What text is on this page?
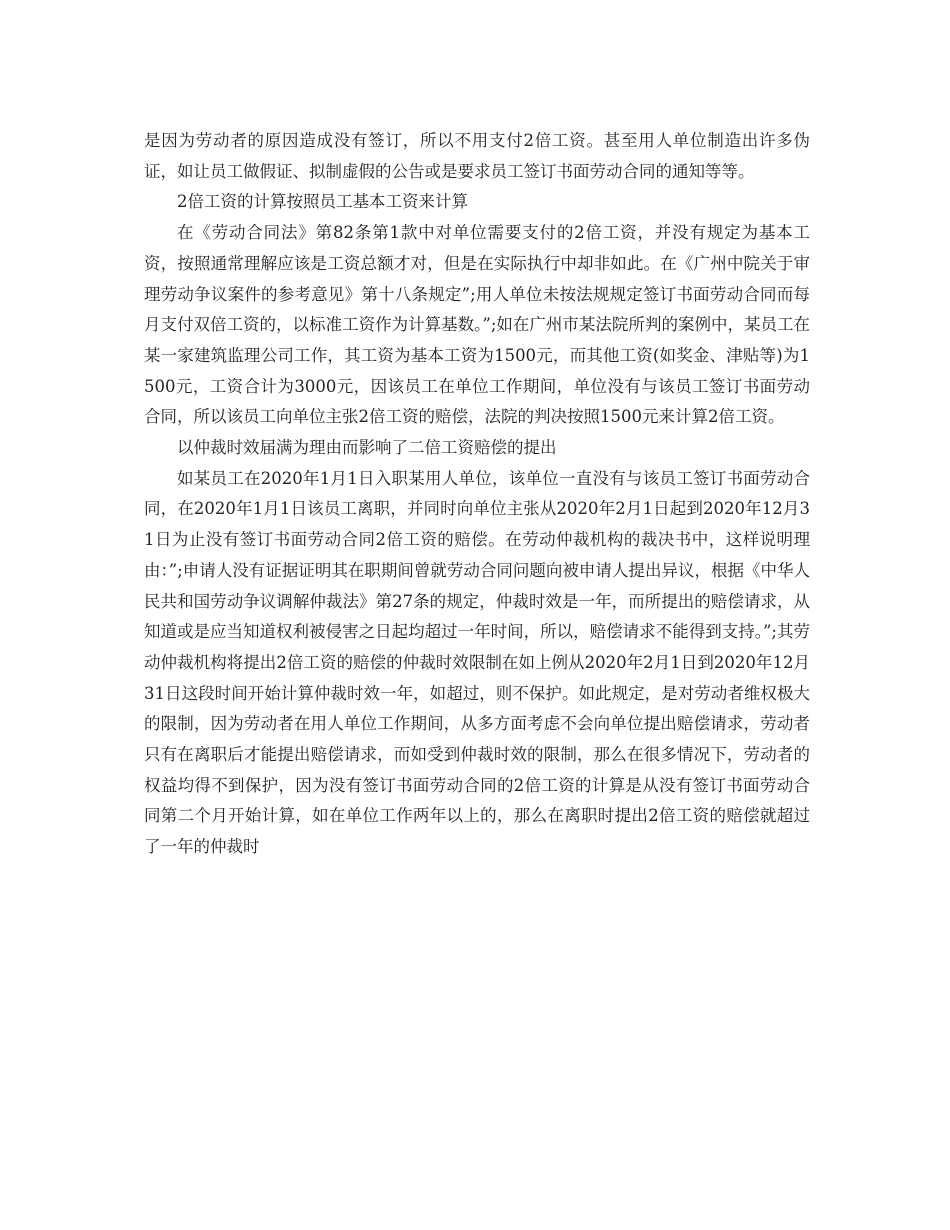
是因为劳动者的原因造成没有签订，所以不用支付2倍工资。甚至用人单位制造出许多伪证，如让员工做假证、拟制虚假的公告或是要求员工签订书面劳动合同的通知等等。

2倍工资的计算按照员工基本工资来计算

在《劳动合同法》第82条第1款中对单位需要支付的2倍工资，并没有规定为基本工资，按照通常理解应该是工资总额才对，但是在实际执行中却非如此。在《广州中院关于审理劳动争议案件的参考意见》第十八条规定”;用人单位未按法规规定签订书面劳动合同而每月支付双倍工资的，以标准工资作为计算基数。”;如在广州市某法院所判的案例中，某员工在某一家建筑监理公司工作，其工资为基本工资为1500元，而其他工资(如奖金、津贴等)为1500元，工资合计为3000元，因该员工在单位工作期间，单位没有与该员工签订书面劳动合同，所以该员工向单位主张2倍工资的赔偿，法院的判决按照1500元来计算2倍工资。

以仲裁时效届满为理由而影响了二倍工资赔偿的提出

如某员工在2020年1月1日入职某用人单位，该单位一直没有与该员工签订书面劳动合同，在2020年1月1日该员工离职，并同时向单位主张从2020年2月1日起到2020年12月31日为止没有签订书面劳动合同2倍工资的赔偿。在劳动仲裁机构的裁决书中，这样说明理由：”;申请人没有证据证明其在职期间曾就劳动合同问题向被申请人提出异议，根据《中华人民共和国劳动争议调解仲裁法》第27条的规定，仲裁时效是一年，而所提出的赔偿请求，从知道或是应当知道权利被侵害之日起均超过一年时间，所以，赔偿请求不能得到支持。”;其劳动仲裁机构将提出2倍工资的赔偿的仲裁时效限制在如上例从2020年2月1日到2020年12月31日这段时间开始计算仲裁时效一年，如超过，则不保护。如此规定，是对劳动者维权极大的限制，因为劳动者在用人单位工作期间，从多方面考虑不会向单位提出赔偿请求，劳动者只有在离职后才能提出赔偿请求，而如受到仲裁时效的限制，那么在很多情况下，劳动者的权益均得不到保护，因为没有签订书面劳动合同的2倍工资的计算是从没有签订书面劳动合同第二个月开始计算，如在单位工作两年以上的，那么在离职时提出2倍工资的赔偿就超过了一年的仲裁时
